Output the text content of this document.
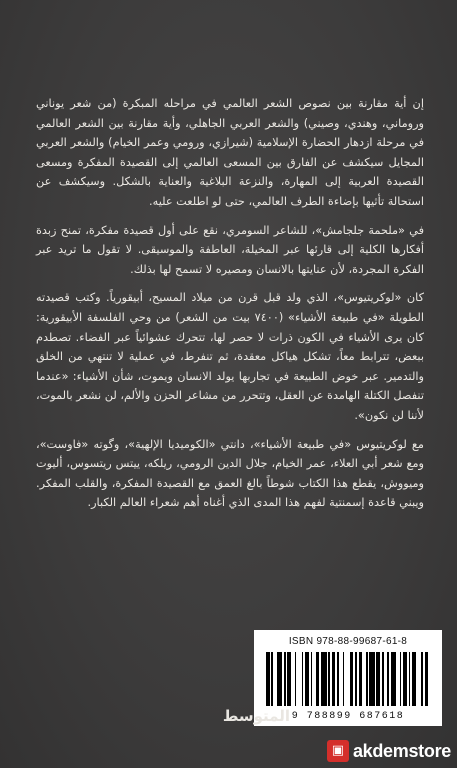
إن أية مقارنة بين نصوص الشعر العالمي في مراحله المبكرة (من شعر يوناني وروماني، وهندي، وصيني) والشعر العربي الجاهلي، وأية مقارنة بين الشعر العالمي في مرحلة ازدهار الحضارة الإسلامية (شيرازي، ورومي وعمر الخيام) والشعر العربي المجايل سيكشف عن الفارق بين المسعى العالمي إلى القصيدة المفكرة ومسعى القصيدة العربية إلى المهارة، والنزعة البلاغية والعناية بالشكل. وسيكشف عن استحالة تأثيها بإضاءة الطرف العالمي، حتى لو اطلعت عليه.

في «ملحمة جلجامش»، للشاعر السومري، نقع على أول قصيدة مفكرة، تمنح زبدة أفكارها الكلية إلى قارئها عبر المخيلة، العاطفة والموسيقى. لا تقول ما تريد عبر الفكرة المجردة، لأن عنايتها بالانسان ومصيره لا تسمح لها بذلك.

كان «لوكريتيوس»، الذي ولد قبل قرن من ميلاد المسيح، أبيقورياً. وكتب قصيدته الطويلة «في طبيعة الأشياء» (٧٤٠٠ بيت من الشعر) من وحي الفلسفة الأبيقورية: كان يرى الأشياء في الكون ذرات لا حصر لها، تتحرك عشوائياً عبر الفضاء. تصطدم ببعض، تترابط معاً، تشكل هياكل معقدة، ثم تنفرط، في عملية لا تنتهي من الخلق والتدمير. عبر خوض الطبيعة في تجاربها يولد الانسان ويموت، شأن الأشياء: «عندما تنفصل الكتلة الهامدة عن العقل، وتتحرر من مشاعر الحزن والألم، لن نشعر بالموت، لأننا لن نكون».

مع لوكريتيوس «في طبيعة الأشياء»، دانتي «الكوميديا الإلهية»، وگوته «فاوست»، ومع شعر أبي العلاء، عمر الخيام، جلال الدين الرومي، ريلكه، ييتس ريتسوس، أليوت وميووش، يقطع هذا الكتاب شوطاً بالغ العمق مع القصيدة المفكرة، والقلب المفكر. ويبني قاعدة إسمنتية لفهم هذا المدى الذي أغناه أهم شعراء العالم الكبار.

ISBN 978-88-99687-61-8
9 788899 687618
المتوسط
▣ akdemstore
